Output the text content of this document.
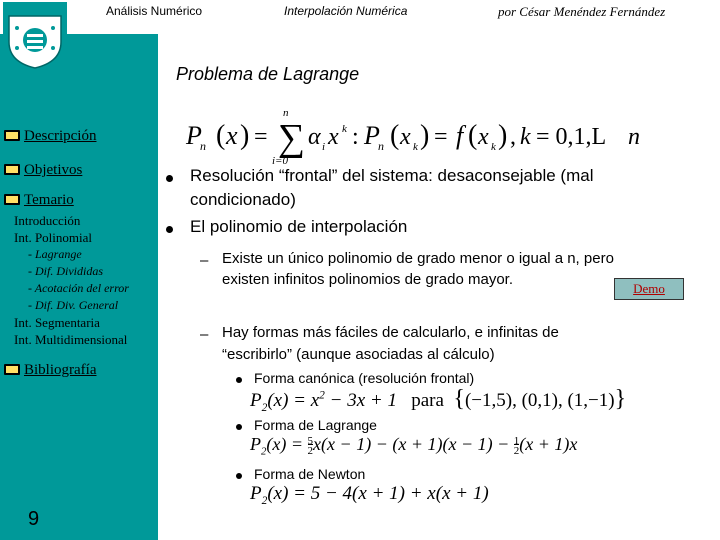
Análisis Numérico	Interpolación Numérica	por César Menéndez Fernández
Problema de Lagrange
Descripción
Objetivos
Temario
Introducción
Int. Polinomial
- Lagrange
- Dif. Divididas
- Acotación del error
- Dif. Div. General
Int. Segmentaria
Int. Multidimensional
Bibliografía
9
P
n ( x ) = ∑
n
i=0
α i x k : P
n ( x k ) = f ( x k ) , k = 0,1,L n
Resolución “frontal” del sistema: desaconsejable (mal
condicionado)
El polinomio de interpolación
– Existe un único polinomio de grado menor o igual a n, pero
existen infinitos polinomios de grado mayor.
Demo
– Hay formas más fáciles de calcularlo, e infinitas de
“escribirlo” (aunque asociadas al cálculo)
Forma canónica (resolución frontal)
$P_2(x) = x^2 - 3x + 1$   para {(−1,5), (0,1), (1,−1)}
Forma de Lagrange
$P_2(x) = 5$
2x(x − 1) − (x + 1)(x − 1) − 1
2(x + 1)x
Forma de Newton
$P_2(x) = 5 - 4(x + 1) + x(x + 1)$
